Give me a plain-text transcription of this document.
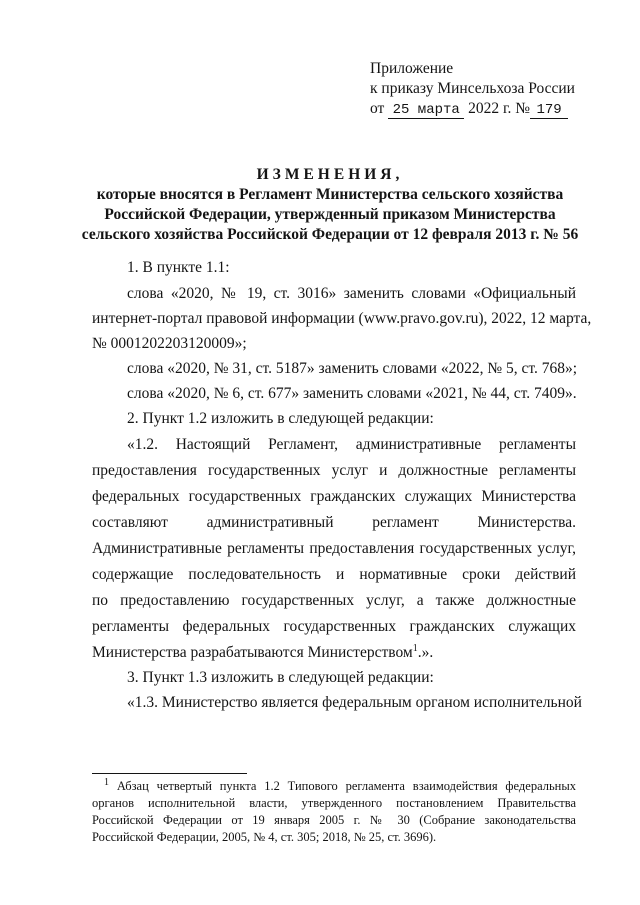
Приложение
к приказу Минсельхоза России
от 25 марта 2022 г. № 179
ИЗМЕНЕНИЯ,
которые вносятся в Регламент Министерства сельского хозяйства
Российской Федерации, утвержденный приказом Министерства
сельского хозяйства Российской Федерации от 12 февраля 2013 г. № 56
1. В пункте 1.1:
слова «2020, № 19, ст. 3016» заменить словами «Официальный
интернет-портал правовой информации (www.pravo.gov.ru), 2022, 12 марта,
№ 0001202203120009»;
слова «2020, № 31, ст. 5187» заменить словами «2022, № 5, ст. 768»;
слова «2020, № 6, ст. 677» заменить словами «2021, № 44, ст. 7409».
2. Пункт 1.2 изложить в следующей редакции:
«1.2. Настоящий Регламент, административные регламенты
предоставления государственных услуг и должностные регламенты
федеральных государственных гражданских служащих Министерства
составляют административный регламент Министерства.
Административные регламенты предоставления государственных услуг,
содержащие последовательность и нормативные сроки действий
по предоставлению государственных услуг, а также должностные
регламенты федеральных государственных гражданских служащих
Министерства разрабатываются Министерством$^1$.».
3. Пункт 1.3 изложить в следующей редакции:
«1.3. Министерство является федеральным органом исполнительной
$^1$ Абзац четвертый пункта 1.2 Типового регламента взаимодействия федеральных
органов исполнительной власти, утвержденного постановлением Правительства
Российской Федерации от 19 января 2005 г. № 30 (Собрание законодательства
Российской Федерации, 2005, № 4, ст. 305; 2018, № 25, ст. 3696).
